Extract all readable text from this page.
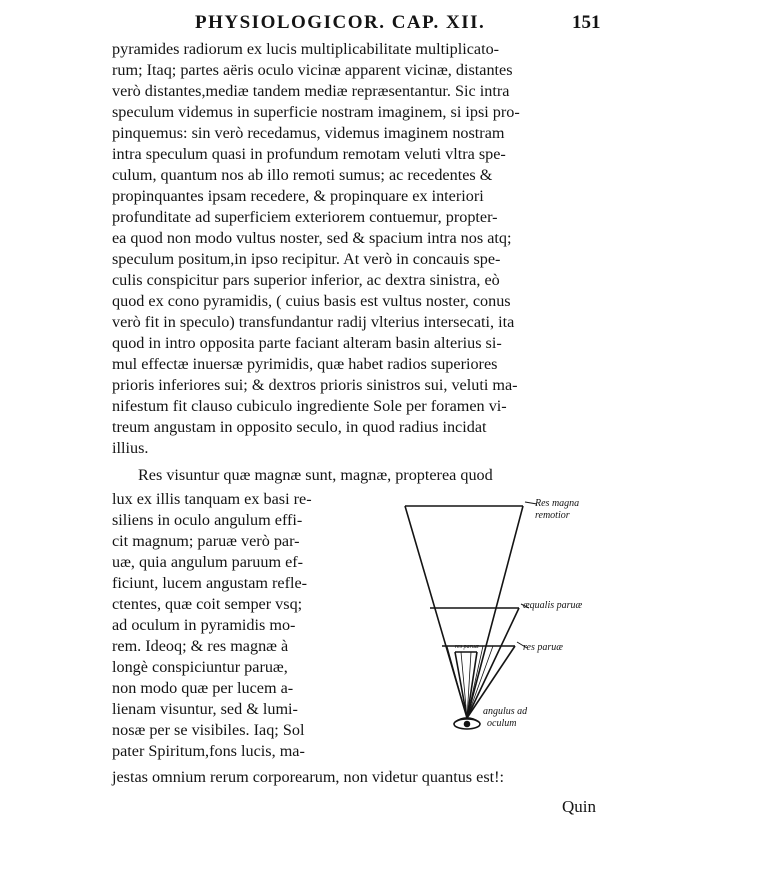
PHYSIOLOGICOR. CAP. XII.	151
pyramides radiorum ex lucis multiplicabilitate multiplicato-
rum; Itaq; partes aëris oculo vicinæ apparent vicinæ, distantes
verò distantes,mediæ tandem mediæ repræsentantur. Sic intra
speculum videmus in superficie nostram imaginem, si ipsi pro-
pinquemus: sin verò recedamus, videmus imaginem nostram
intra speculum quasi in profundum remotam veluti vltra spe-
culum, quantum nos ab illo remoti sumus; ac recedentes &
propinquantes ipsam recedere, & propinquare ex interiori
profunditate ad superficiem exteriorem contuemur, propter-
ea quod non modo vultus noster, sed & spacium intra nos atq;
speculum positum,in ipso recipitur. At verò in concauis spe-
culis conspicitur pars superior inferior, ac dextra sinistra, eò
quod ex cono pyramidis, ( cuius basis est vultus noster, conus
verò fit in speculo) transfundantur radij vlterius intersecati, ita
quod in intro opposita parte faciant alteram basin alterius si-
mul effectæ inuersæ pyrimidis, quæ habet radios superiores
prioris inferiores sui; & dextros prioris sinistros sui, veluti ma-
nifestum fit clauso cubiculo ingrediente Sole per foramen vi-
treum angustam in opposito seculo, in quod radius incidat
illius.
Res visuntur quæ magnæ sunt, magnæ, propterea quod
lux ex illis tanquam ex basi re-
siliens in oculo angulum effi-
cit magnum; paruæ verò par-
uæ, quia angulum paruum ef-
ficiunt, lucem angustam refle-
ctentes, quæ coit semper vsq;
ad oculum in pyramidis mo-
rem. Ideoq; & res magnæ à
longè conspiciuntur paruæ,
non modo quæ per lucem a-
lienam visuntur, sed & lumi-
nosæ per se visibiles. Iaq; Sol
pater Spiritum,fons lucis, ma-
jestas omnium rerum corporearum, non videtur quantus est!:
Quin
Res magna
remotior
æqualis paruæ
res paruæ
res paruæ
angulus ad
oculum
